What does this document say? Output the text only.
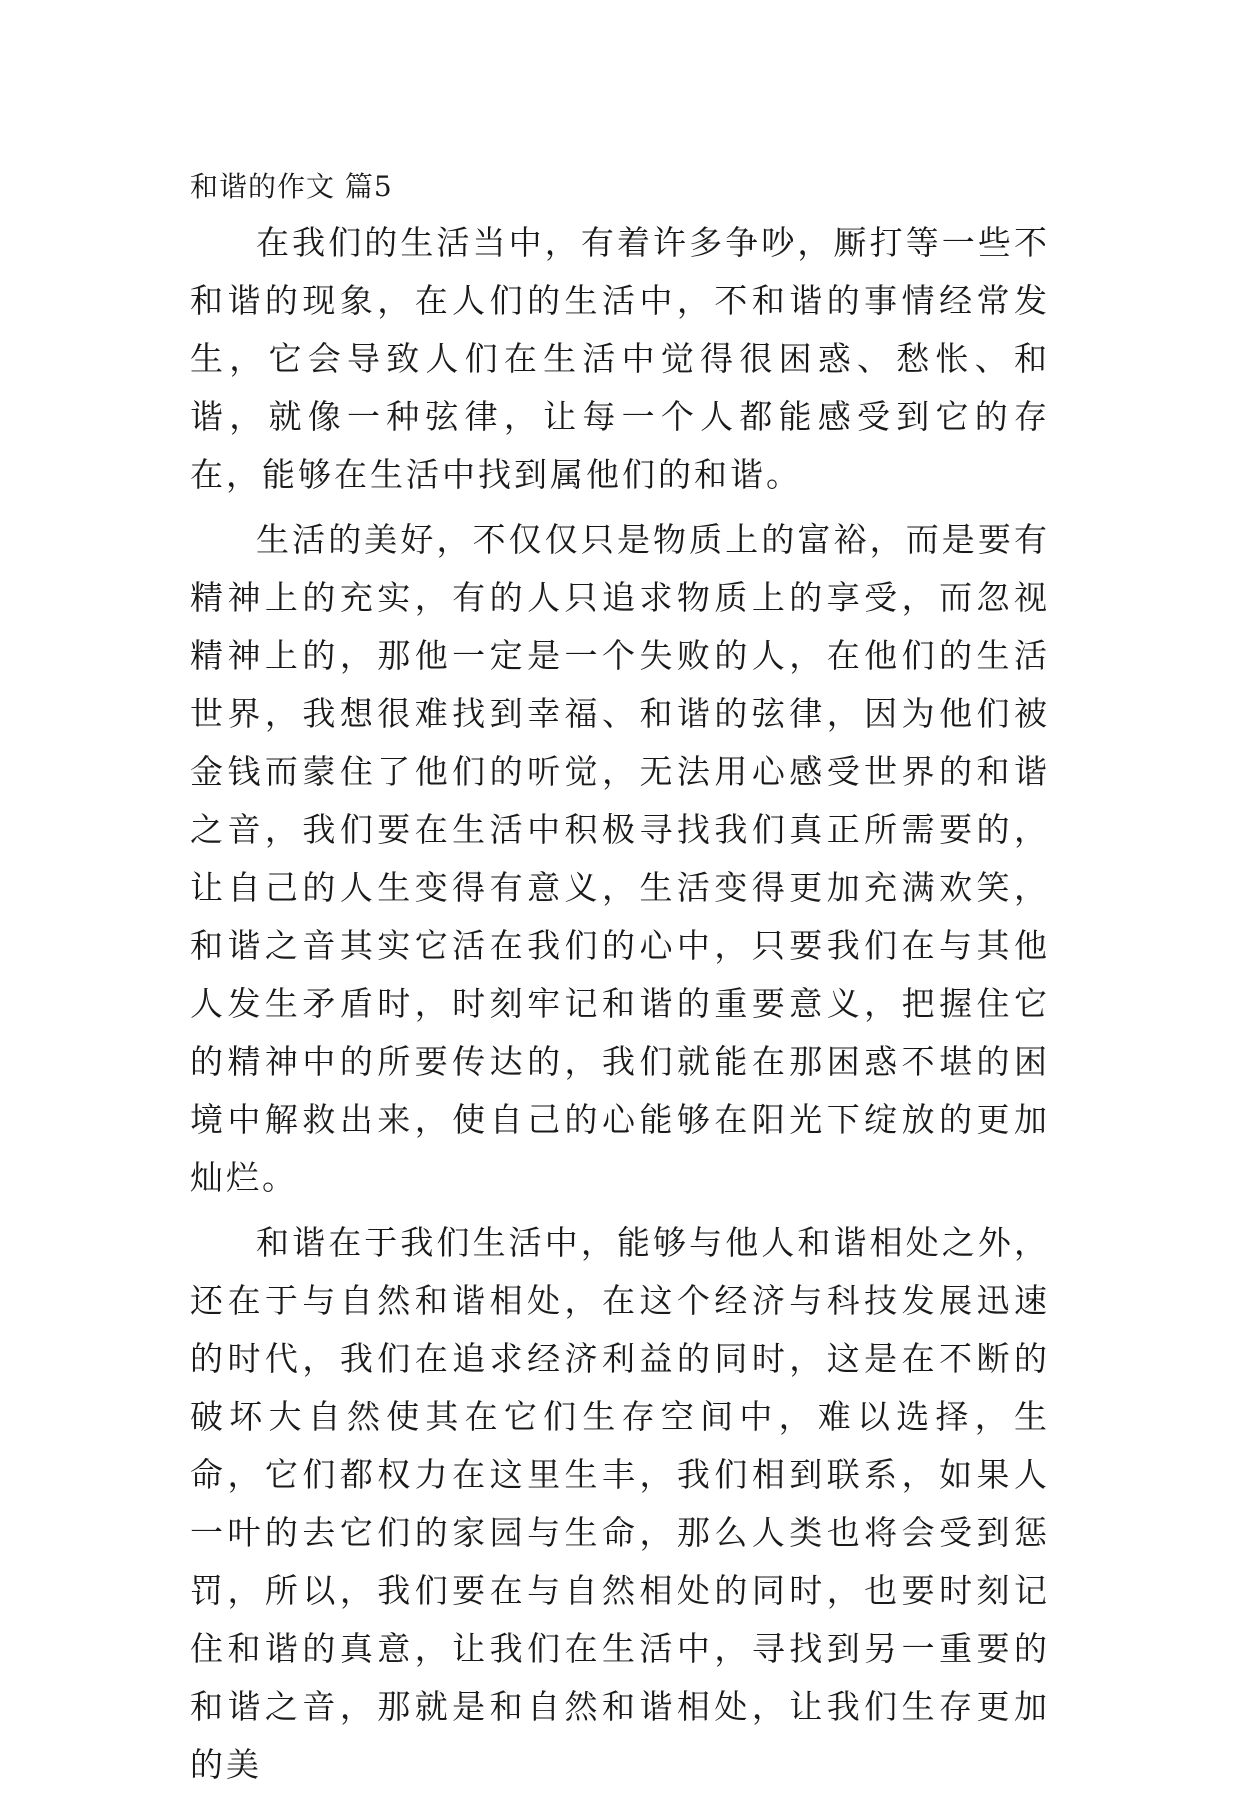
和谐的作文 篇5

在我们的生活当中，有着许多争吵，厮打等一些不和谐的现象，在人们的生活中，不和谐的事情经常发生，它会导致人们在生活中觉得很困惑、愁怅、和谐，就像一种弦律，让每一个人都能感受到它的存在，能够在生活中找到属他们的和谐。

生活的美好，不仅仅只是物质上的富裕，而是要有精神上的充实，有的人只追求物质上的享受，而忽视精神上的，那他一定是一个失败的人，在他们的生活世界，我想很难找到幸福、和谐的弦律，因为他们被金钱而蒙住了他们的听觉，无法用心感受世界的和谐之音，我们要在生活中积极寻找我们真正所需要的，让自己的人生变得有意义，生活变得更加充满欢笑，和谐之音其实它活在我们的心中，只要我们在与其他人发生矛盾时，时刻牢记和谐的重要意义，把握住它的精神中的所要传达的，我们就能在那困惑不堪的困境中解救出来，使自己的心能够在阳光下绽放的更加灿烂。

和谐在于我们生活中，能够与他人和谐相处之外，还在于与自然和谐相处，在这个经济与科技发展迅速的时代，我们在追求经济利益的同时，这是在不断的破坏大自然使其在它们生存空间中，难以选择，生命，它们都权力在这里生丰，我们相到联系，如果人一叶的去它们的家园与生命，那么人类也将会受到惩罚，所以，我们要在与自然相处的同时，也要时刻记住和谐的真意，让我们在生活中，寻找到另一重要的和谐之音，那就是和自然和谐相处，让我们生存更加的美
